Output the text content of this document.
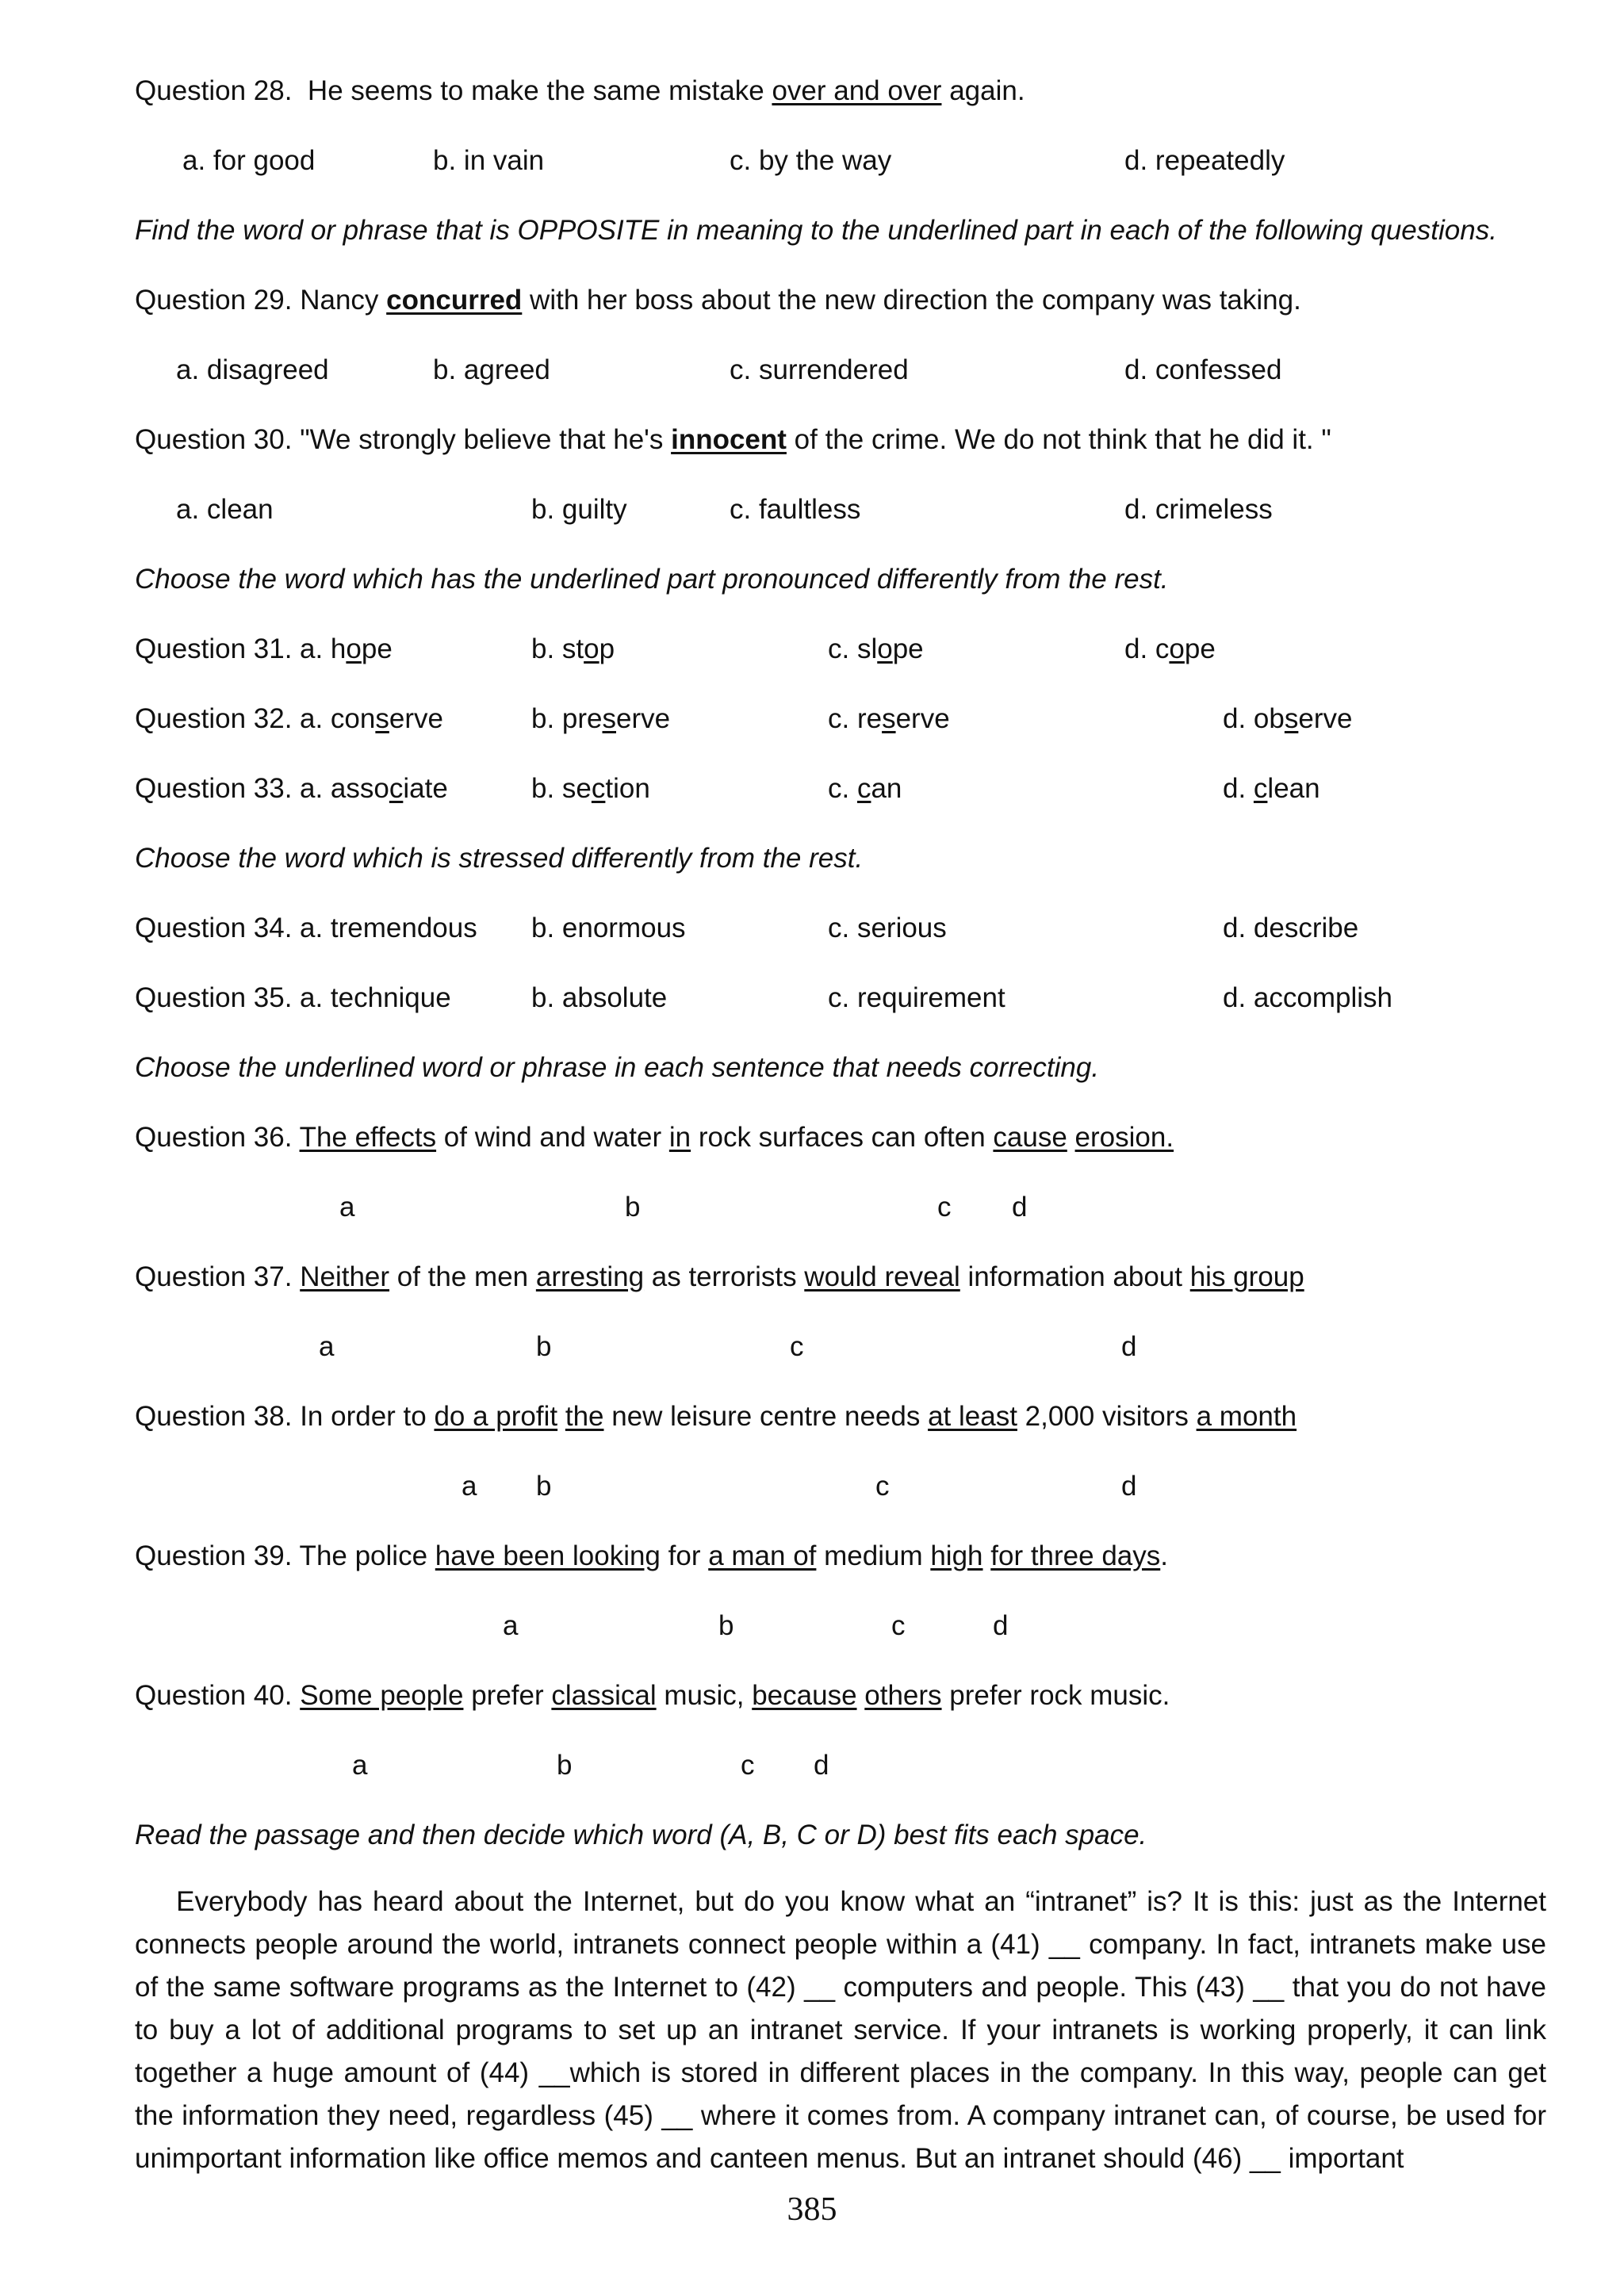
Question 28. He seems to make the same mistake over and over again.
a. for good	b. in vain	c. by the way	d. repeatedly
Find the word or phrase that is OPPOSITE in meaning to the underlined part in each of the following questions.
Question 29. Nancy concurred with her boss about the new direction the company was taking.
a. disagreed	b. agreed	c. surrendered	d. confessed
Question 30. "We strongly believe that he's innocent of the crime. We do not think that he did it. "
a. clean	b. guilty	c. faultless	d. crimeless
Choose the word which has the underlined part pronounced differently from the rest.
Question 31. a. hope	b. stop	c. slope	d. cope
Question 32. a. conserve	b. preserve	c. reserve	d. observe
Question 33. a. associate	b. section	c. can	d. clean
Choose the word which is stressed differently from the rest.
Question 34. a. tremendous b. enormous	c. serious	d. describe
Question 35. a. technique	b. absolute	c. requirement	d. accomplish
Choose the underlined word or phrase in each sentence that needs correcting.
Question 36. The effects of wind and water in rock surfaces can often cause erosion.
a	b	c d
Question 37. Neither of the men arresting as terrorists would reveal information about his group
a	b	c	d
Question 38. In order to do a profit the new leisure centre needs at least 2,000 visitors a month
a b	c	d
Question 39. The police have been looking for a man of medium high for three days.
a	b	c	d
Question 40. Some people prefer classical music, because others prefer rock music.
a	b	c d
Read the passage and then decide which word (A, B, C or D) best fits each space.
Everybody has heard about the Internet, but do you know what an “intranet” is? It is this: just as the Internet connects people around the world, intranets connect people within a (41) __ company. In fact, intranets make use of the same software programs as the Internet to (42) __ computers and people. This (43) __ that you do not have to buy a lot of additional programs to set up an intranet service. If your intranets is working properly, it can link together a huge amount of (44) __which is stored in different places in the company. In this way, people can get the information they need, regardless (45) __ where it comes from. A company intranet can, of course, be used for unimportant information like office memos and canteen menus. But an intranet should (46) __ important
385
